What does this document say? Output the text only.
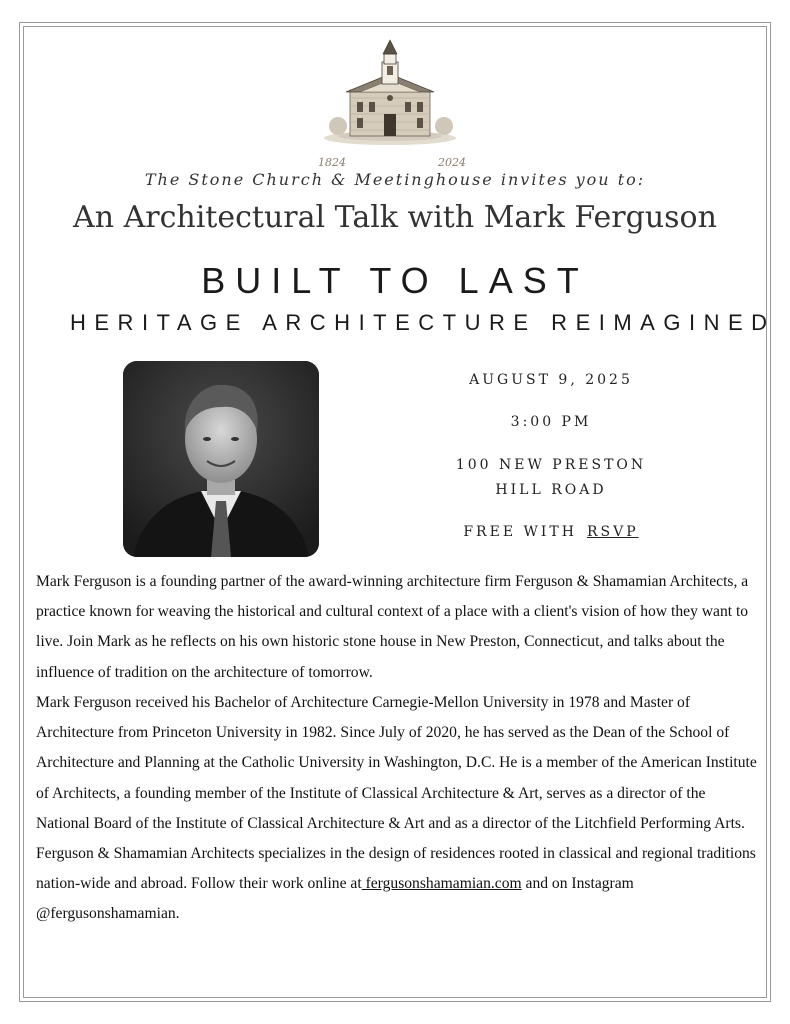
1824	2024
The Stone Church & Meetinghouse invites you to:
An Architectural Talk with Mark Ferguson
BUILT TO LAST
HERITAGE ARCHITECTURE REIMAGINED
AUGUST 9, 2025
3:00 PM
100 NEW PRESTON
HILL ROAD
FREE WITH RSVP
Mark Ferguson is a founding partner of the award-winning architecture firm Ferguson & Shamamian Architects, a practice known for weaving the historical and cultural context of a place with a client's vision of how they want to live. Join Mark as he reflects on his own historic stone house in New Preston, Connecticut, and talks about the influence of tradition on the architecture of tomorrow.
Mark Ferguson received his Bachelor of Architecture Carnegie-Mellon University in 1978 and Master of Architecture from Princeton University in 1982. Since July of 2020, he has served as the Dean of the School of Architecture and Planning at the Catholic University in Washington, D.C. He is a member of the American Institute of Architects, a founding member of the Institute of Classical Architecture & Art, serves as a director of the National Board of the Institute of Classical Architecture & Art and as a director of the Litchfield Performing Arts. Ferguson & Shamamian Architects specializes in the design of residences rooted in classical and regional traditions nation-wide and abroad. Follow their work online at fergusonshamamian.com and on Instagram @fergusonshamamian.
